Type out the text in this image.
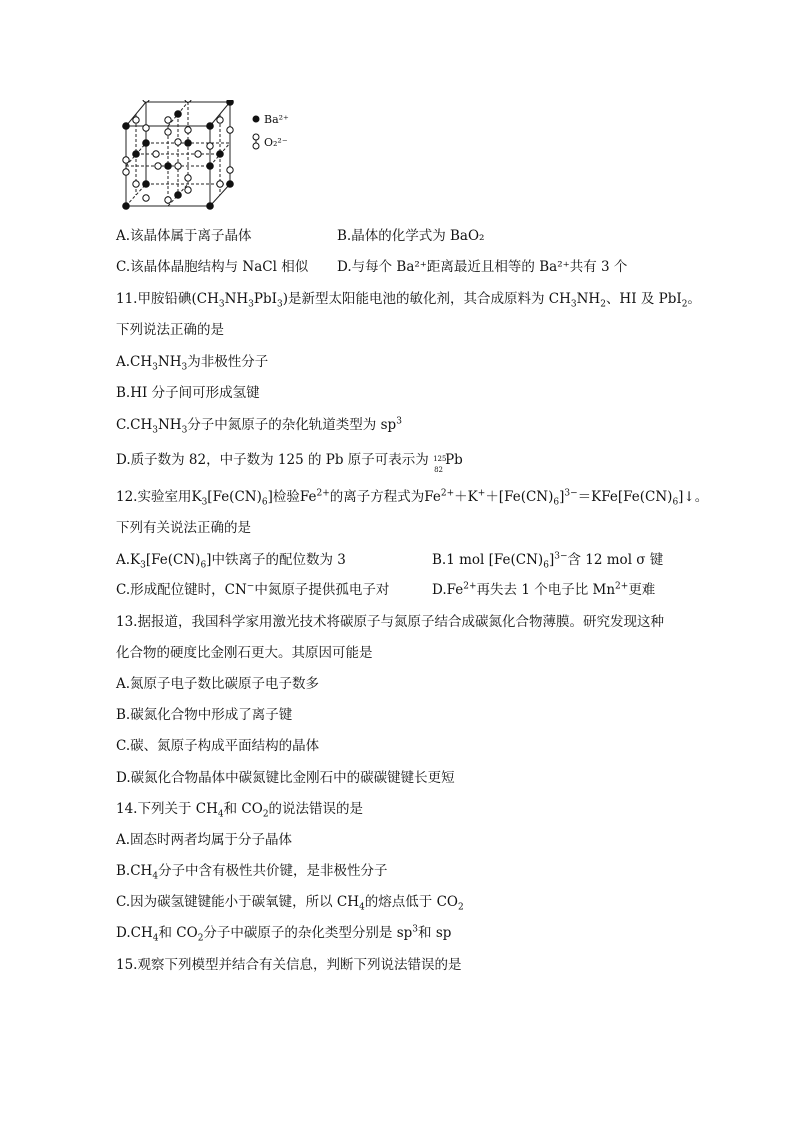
Ba²⁺
O₂²⁻
A.该晶体属于离子晶体	B.晶体的化学式为 BaO₂
C.该晶体晶胞结构与 NaCl 相似 D.与每个 Ba²⁺距离最近且相等的 Ba²⁺共有 3 个
11.甲胺铅碘$(CH_3NH_3PbI_3)$是新型太阳能电池的敏化剂，其合成原料为 $CH_3NH_2$、HI 及 PbI$_2$。
下列说法正确的是
$A.CH_3NH_3$为非极性分子
B.HI 分子间可形成氢键
$C.CH_3NH_3$分子中氮原子的杂化轨道类型为 $sp^3$
D.质子数为 82，中子数为 125 的 Pb 原子可表示为 125
82
Pb
12.实验室用$K_3[Fe(CN)_6]$检验$Fe^{2+}$的离子方程式为$Fe^{2+}+K^++[Fe(CN)_6]^{3-}=KFe[Fe(CN)_6]↓$。
下列有关说法正确的是
$A.K_3[Fe(CN)_6]$中铁离子的配位数为 3	B.1 mol $[Fe(CN)_6]^{3-}$含 12 mol σ 键
C.形成配位键时，CN−中氮原子提供孤电子对	$D.Fe^{2+}$再失去 1 个电子比 $Mn^{2+}$更难
13.据报道，我国科学家用激光技术将碳原子与氮原子结合成碳氮化合物薄膜。研究发现这种
化合物的硬度比金刚石更大。其原因可能是
A.氮原子电子数比碳原子电子数多
B.碳氮化合物中形成了离子键
C.碳、氮原子构成平面结构的晶体
D.碳氮化合物晶体中碳氮键比金刚石中的碳碳键键长更短
14.下列关于 $CH_4$和 $CO_2$的说法错误的是
A.固态时两者均属于分子晶体
$B.CH_4$分子中含有极性共价键，是非极性分子
C.因为碳氢键键能小于碳氧键，所以 $CH_4$的熔点低于 $CO_2$
$D.CH_4$和 $CO_2$分子中碳原子的杂化类型分别是 $sp^3$和 sp
15.观察下列模型并结合有关信息，判断下列说法错误的是
